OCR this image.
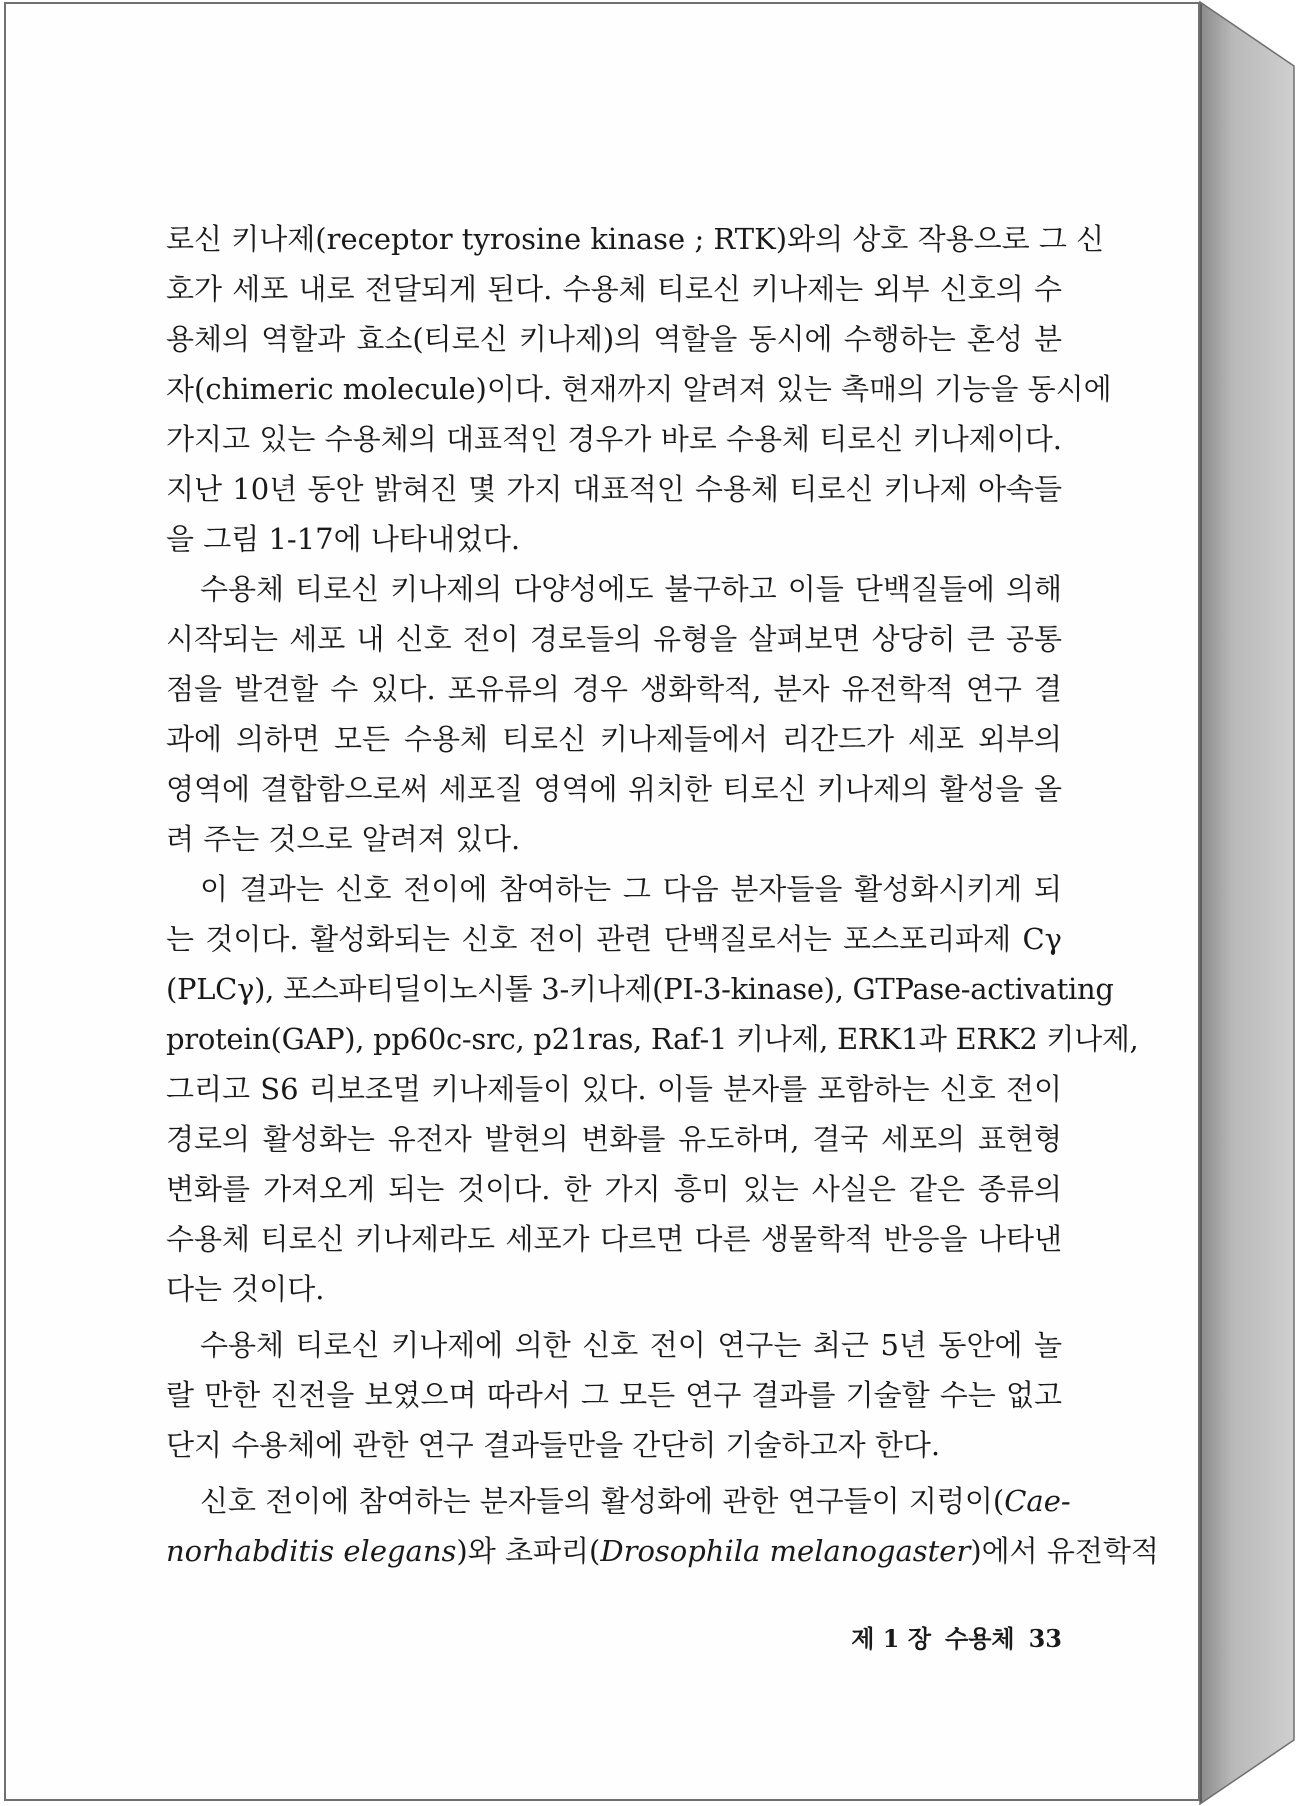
로신 키나제(receptor tyrosine kinase ; RTK)와의 상호 작용으로 그 신
호가 세포 내로 전달되게 된다. 수용체 티로신 키나제는 외부 신호의 수
용체의 역할과 효소(티로신 키나제)의 역할을 동시에 수행하는 혼성 분
자(chimeric molecule)이다. 현재까지 알려져 있는 촉매의 기능을 동시에
가지고 있는 수용체의 대표적인 경우가 바로 수용체 티로신 키나제이다.
지난 10년 동안 밝혀진 몇 가지 대표적인 수용체 티로신 키나제 아속들
을 그림 1-17에 나타내었다.
수용체 티로신 키나제의 다양성에도 불구하고 이들 단백질들에 의해
시작되는 세포 내 신호 전이 경로들의 유형을 살펴보면 상당히 큰 공통
점을 발견할 수 있다. 포유류의 경우 생화학적, 분자 유전학적 연구 결
과에 의하면 모든 수용체 티로신 키나제들에서 리간드가 세포 외부의
영역에 결합함으로써 세포질 영역에 위치한 티로신 키나제의 활성을 올
려 주는 것으로 알려져 있다.
이 결과는 신호 전이에 참여하는 그 다음 분자들을 활성화시키게 되
는 것이다. 활성화되는 신호 전이 관련 단백질로서는 포스포리파제 Cγ
(PLCγ), 포스파티딜이노시톨 3-키나제(PI-3-kinase), GTPase-activating
protein(GAP), pp60c-src, p21ras, Raf-1 키나제, ERK1과 ERK2 키나제,
그리고 S6 리보조멀 키나제들이 있다. 이들 분자를 포함하는 신호 전이
경로의 활성화는 유전자 발현의 변화를 유도하며, 결국 세포의 표현형
변화를 가져오게 되는 것이다. 한 가지 흥미 있는 사실은 같은 종류의
수용체 티로신 키나제라도 세포가 다르면 다른 생물학적 반응을 나타낸
다는 것이다.
수용체 티로신 키나제에 의한 신호 전이 연구는 최근 5년 동안에 놀
랄 만한 진전을 보였으며 따라서 그 모든 연구 결과를 기술할 수는 없고
단지 수용체에 관한 연구 결과들만을 간단히 기술하고자 한다.
신호 전이에 참여하는 분자들의 활성화에 관한 연구들이 지렁이(Cae-
norhabditis elegans)와 초파리(Drosophila melanogaster)에서 유전학적
제 1 장 수용체 33
